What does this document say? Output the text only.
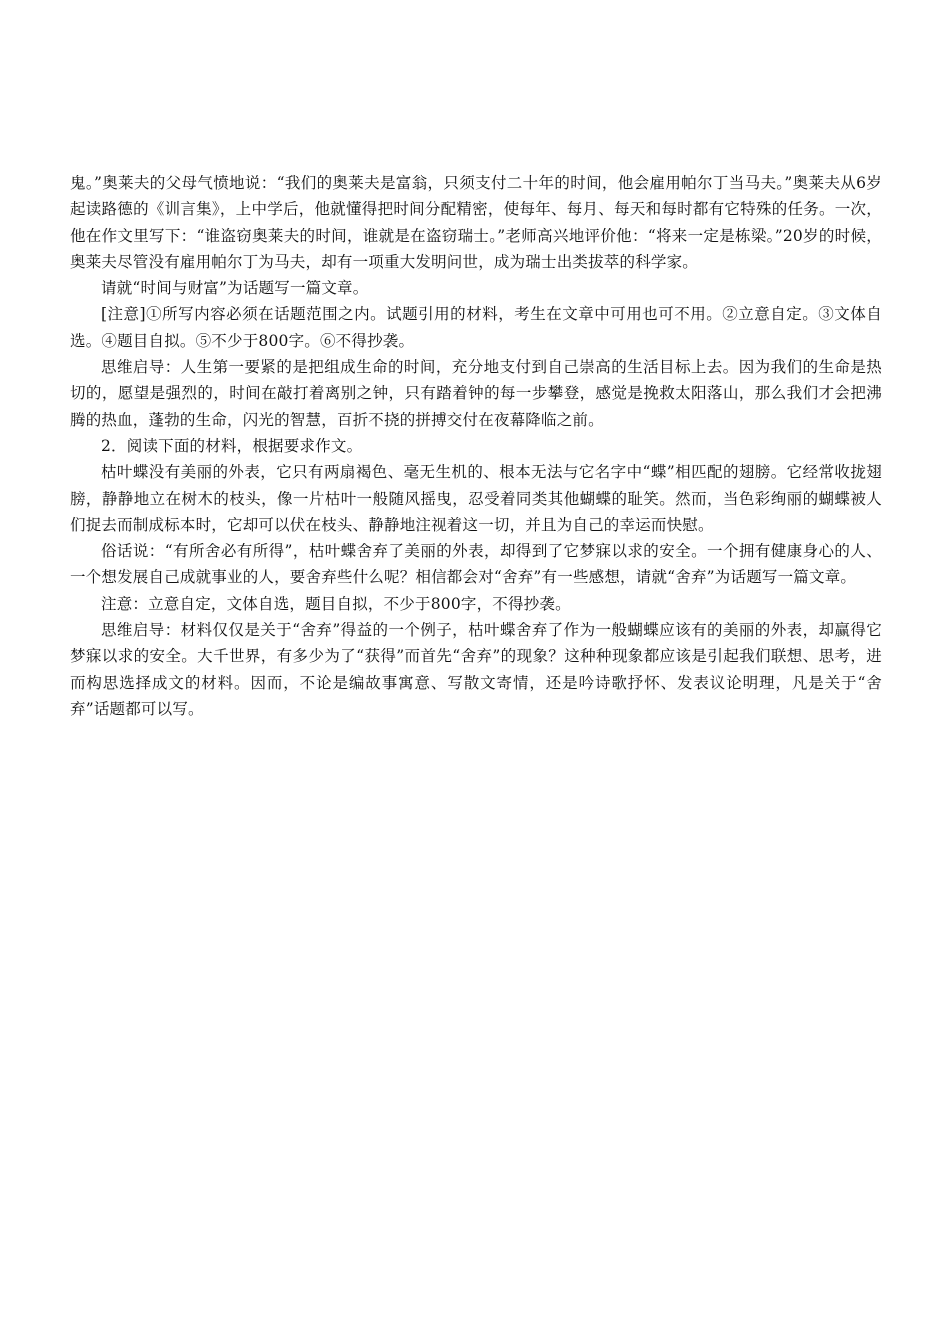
鬼。”奥莱夫的父母气愤地说：“我们的奥莱夫是富翁，只须支付二十年的时间，他会雇用帕尔丁当马夫。”奥莱夫从6岁起读路德的《训言集》，上中学后，他就懂得把时间分配精密，使每年、每月、每天和每时都有它特殊的任务。一次，他在作文里写下：“谁盗窃奥莱夫的时间，谁就是在盗窃瑞士。”老师高兴地评价他：“将来一定是栋梁。”20岁的时候，奥莱夫尽管没有雇用帕尔丁为马夫，却有一项重大发明问世，成为瑞士出类拔萃的科学家。

请就“时间与财富”为话题写一篇文章。

[注意]①所写内容必须在话题范围之内。试题引用的材料，考生在文章中可用也可不用。②立意自定。③文体自选。④题目自拟。⑤不少于800字。⑥不得抄袭。

思维启导：人生第一要紧的是把组成生命的时间，充分地支付到自己崇高的生活目标上去。因为我们的生命是热切的，愿望是强烈的，时间在敲打着离别之钟，只有踏着钟的每一步攀登，感觉是挽救太阳落山，那么我们才会把沸腾的热血，蓬勃的生命，闪光的智慧，百折不挠的拼搏交付在夜幕降临之前。

2．阅读下面的材料，根据要求作文。

枯叶蝶没有美丽的外表，它只有两扇褐色、毫无生机的、根本无法与它名字中“蝶”相匹配的翅膀。它经常收拢翅膀，静静地立在树木的枝头，像一片枯叶一般随风摇曳，忍受着同类其他蝴蝶的耻笑。然而，当色彩绚丽的蝴蝶被人们捉去而制成标本时，它却可以伏在枝头、静静地注视着这一切，并且为自己的幸运而快慰。

俗话说：“有所舍必有所得”，枯叶蝶舍弃了美丽的外表，却得到了它梦寐以求的安全。一个拥有健康身心的人、一个想发展自己成就事业的人，要舍弃些什么呢？相信都会对“舍弃”有一些感想，请就“舍弃”为话题写一篇文章。

注意：立意自定，文体自选，题目自拟，不少于800字，不得抄袭。

思维启导：材料仅仅是关于“舍弃”得益的一个例子，枯叶蝶舍弃了作为一般蝴蝶应该有的美丽的外表，却赢得它梦寐以求的安全。大千世界，有多少为了“获得”而首先“舍弃”的现象？这种种现象都应该是引起我们联想、思考，进而构思选择成文的材料。因而，不论是编故事寓意、写散文寄情，还是吟诗歌抒怀、发表议论明理，凡是关于“舍弃”话题都可以写。
